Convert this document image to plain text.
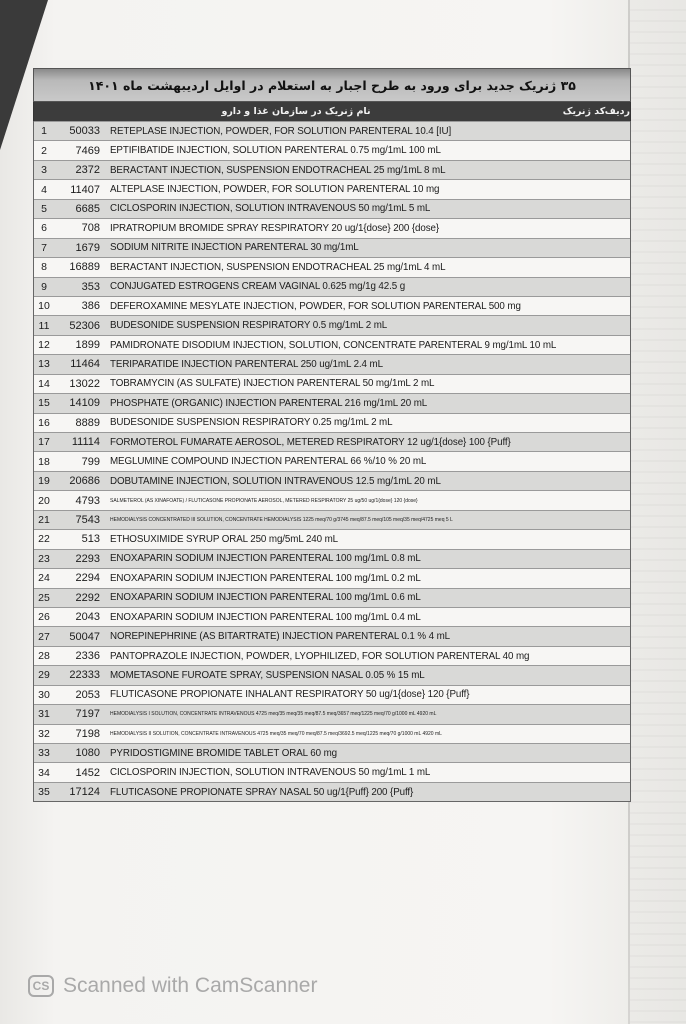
۳۵ ژنریک جدید برای ورود به طرح اجبار به استعلام در اوایل اردیبهشت ماه ۱۴۰۱
ردیف
کد ژنریک
نام ژنریک در سازمان غذا و دارو
1	50033	RETEPLASE INJECTION, POWDER, FOR SOLUTION PARENTERAL 10.4 [IU]
2	7469	EPTIFIBATIDE INJECTION, SOLUTION PARENTERAL 0.75 mg/1mL 100 mL
3	2372	BERACTANT INJECTION, SUSPENSION ENDOTRACHEAL 25 mg/1mL 8 mL
4	11407	ALTEPLASE INJECTION, POWDER, FOR SOLUTION PARENTERAL 10 mg
5	6685	CICLOSPORIN INJECTION, SOLUTION INTRAVENOUS 50 mg/1mL 5 mL
6	708	IPRATROPIUM BROMIDE SPRAY RESPIRATORY 20 ug/1{dose} 200 {dose}
7	1679	SODIUM NITRITE INJECTION PARENTERAL 30 mg/1mL
8	16889	BERACTANT INJECTION, SUSPENSION ENDOTRACHEAL 25 mg/1mL 4 mL
9	353	CONJUGATED ESTROGENS CREAM VAGINAL 0.625 mg/1g 42.5 g
10	386	DEFEROXAMINE MESYLATE INJECTION, POWDER, FOR SOLUTION PARENTERAL 500 mg
11	52306	BUDESONIDE SUSPENSION RESPIRATORY 0.5 mg/1mL 2 mL
12	1899	PAMIDRONATE DISODIUM INJECTION, SOLUTION, CONCENTRATE PARENTERAL 9 mg/1mL 10 mL
13	11464	TERIPARATIDE INJECTION PARENTERAL 250 ug/1mL 2.4 mL
14	13022	TOBRAMYCIN (AS SULFATE) INJECTION PARENTERAL 50 mg/1mL 2 mL
15	14109	PHOSPHATE (ORGANIC) INJECTION PARENTERAL 216 mg/1mL 20 mL
16	8889	BUDESONIDE SUSPENSION RESPIRATORY 0.25 mg/1mL 2 mL
17	11114	FORMOTEROL FUMARATE AEROSOL, METERED RESPIRATORY 12 ug/1{dose} 100 {Puff}
18	799	MEGLUMINE COMPOUND INJECTION PARENTERAL 66 %/10 % 20 mL
19	20686	DOBUTAMINE INJECTION, SOLUTION INTRAVENOUS 12.5 mg/1mL 20 mL
20	4793	SALMETEROL (AS XINAFOATE) / FLUTICASONE PROPIONATE AEROSOL, METERED RESPIRATORY 25 ug/50 ug/1{dose} 120 {dose}
21	7543	HEMODIALYSIS CONCENTRATED III SOLUTION, CONCENTRATE HEMODIALYSIS 1225 meq/70 g/3745 meq/87.5 meq/105 meq/35 meq/4725 meq 5 L
22	513	ETHOSUXIMIDE SYRUP ORAL 250 mg/5mL 240 mL
23	2293	ENOXAPARIN SODIUM INJECTION PARENTERAL 100 mg/1mL 0.8 mL
24	2294	ENOXAPARIN SODIUM INJECTION PARENTERAL 100 mg/1mL 0.2 mL
25	2292	ENOXAPARIN SODIUM INJECTION PARENTERAL 100 mg/1mL 0.6 mL
26	2043	ENOXAPARIN SODIUM INJECTION PARENTERAL 100 mg/1mL 0.4 mL
27	50047	NOREPINEPHRINE (AS BITARTRATE) INJECTION PARENTERAL 0.1 % 4 mL
28	2336	PANTOPRAZOLE INJECTION, POWDER, LYOPHILIZED, FOR SOLUTION PARENTERAL 40 mg
29	22333	MOMETASONE FUROATE SPRAY, SUSPENSION NASAL 0.05 % 15 mL
30	2053	FLUTICASONE PROPIONATE INHALANT RESPIRATORY 50 ug/1{dose} 120 {Puff}
31	7197	HEMODIALYSIS I SOLUTION, CONCENTRATE INTRAVENOUS 4725 meq/35 meq/35 meq/87.5 meq/3657 meq/1225 meq/70 g/1000 mL 4920 mL
32	7198	HEMODIALYSIS II SOLUTION, CONCENTRATE INTRAVENOUS 4725 meq/35 meq/70 meq/87.5 meq/3692.5 meq/1225 meq/70 g/1000 mL 4920 mL
33	1080	PYRIDOSTIGMINE BROMIDE TABLET ORAL 60 mg
34	1452	CICLOSPORIN INJECTION, SOLUTION INTRAVENOUS 50 mg/1mL 1 mL
35	17124	FLUTICASONE PROPIONATE SPRAY NASAL 50 ug/1{Puff} 200 {Puff}
CS Scanned with CamScanner
